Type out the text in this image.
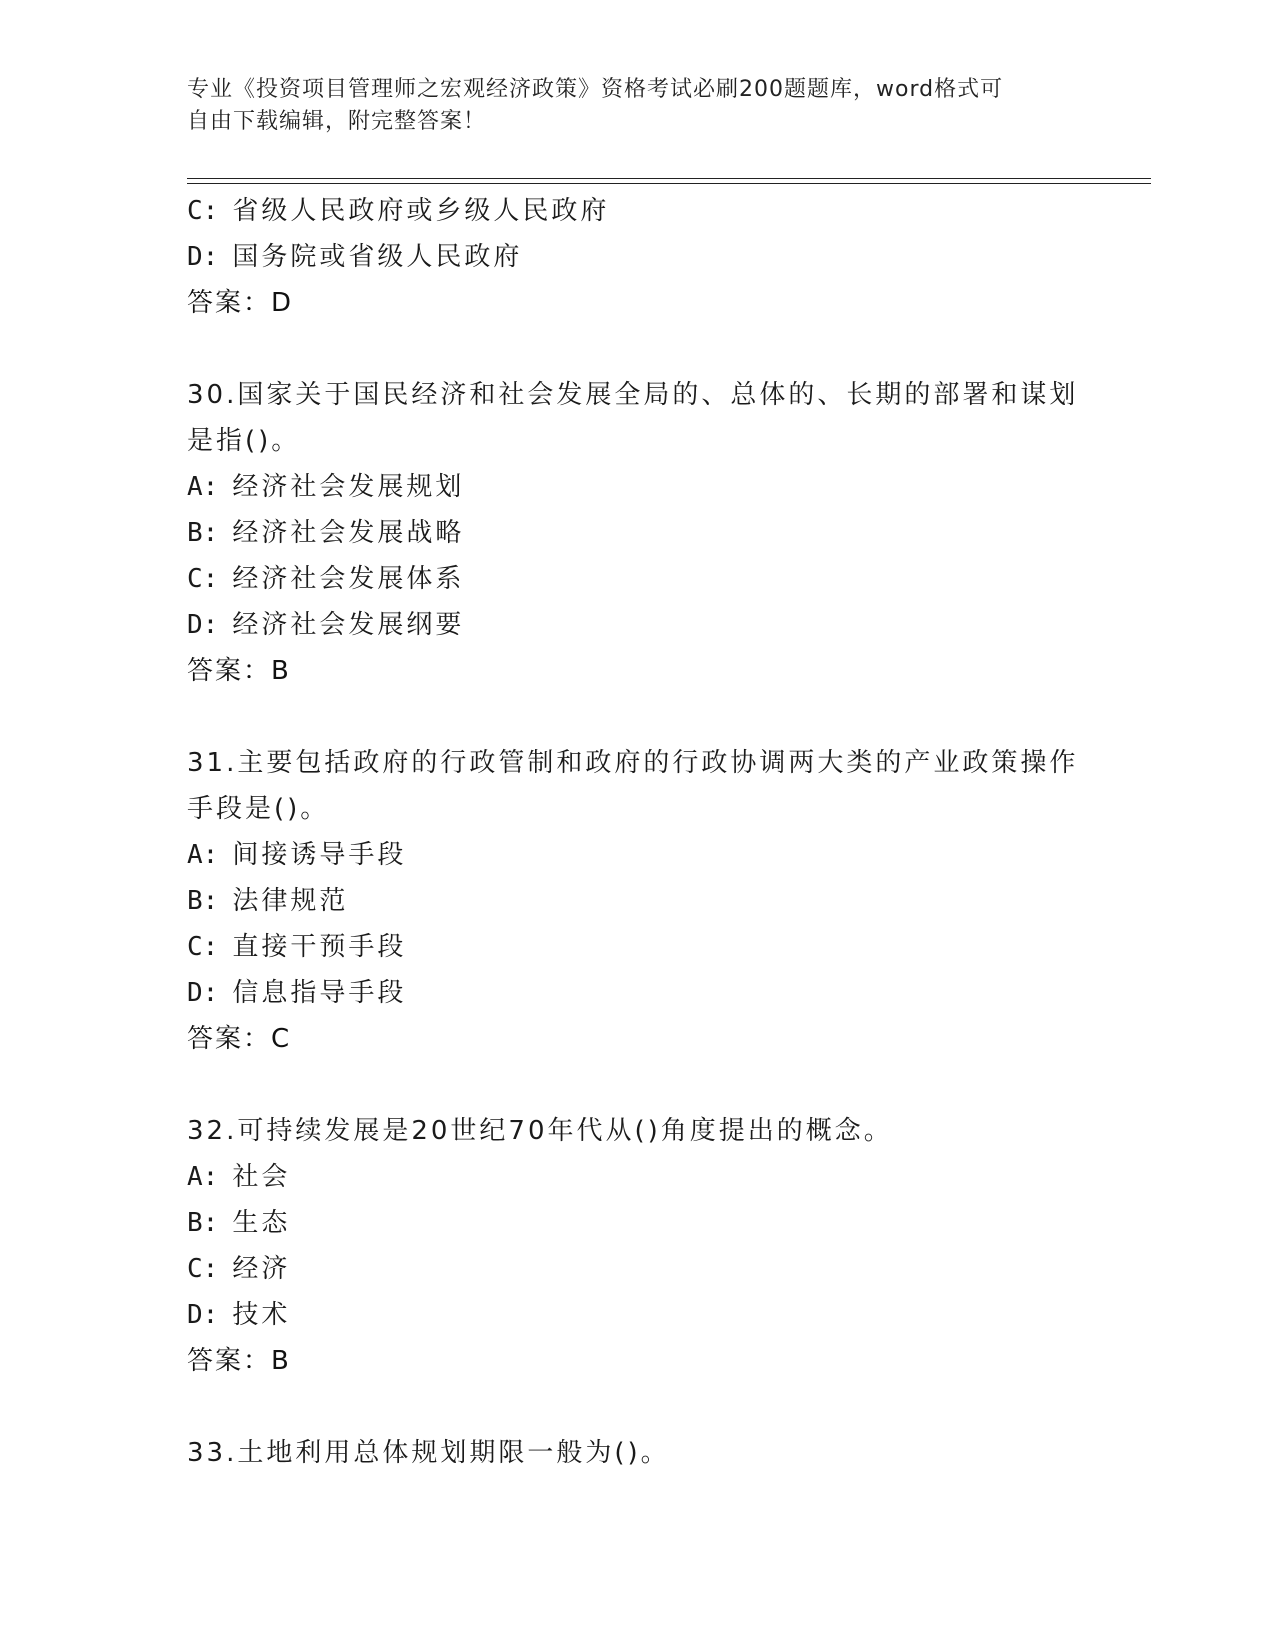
专业《投资项目管理师之宏观经济政策》资格考试必刷200题题库，word格式可
自由下载编辑，附完整答案！
C: 省级人民政府或乡级人民政府
D: 国务院或省级人民政府
答案：D
30.国家关于国民经济和社会发展全局的、总体的、长期的部署和谋划
是指()。
A: 经济社会发展规划
B: 经济社会发展战略
C: 经济社会发展体系
D: 经济社会发展纲要
答案：B
31.主要包括政府的行政管制和政府的行政协调两大类的产业政策操作
手段是()。
A: 间接诱导手段
B: 法律规范
C: 直接干预手段
D: 信息指导手段
答案：C
32.可持续发展是20世纪70年代从()角度提出的概念。
A: 社会
B: 生态
C: 经济
D: 技术
答案：B
33.土地利用总体规划期限一般为()。
